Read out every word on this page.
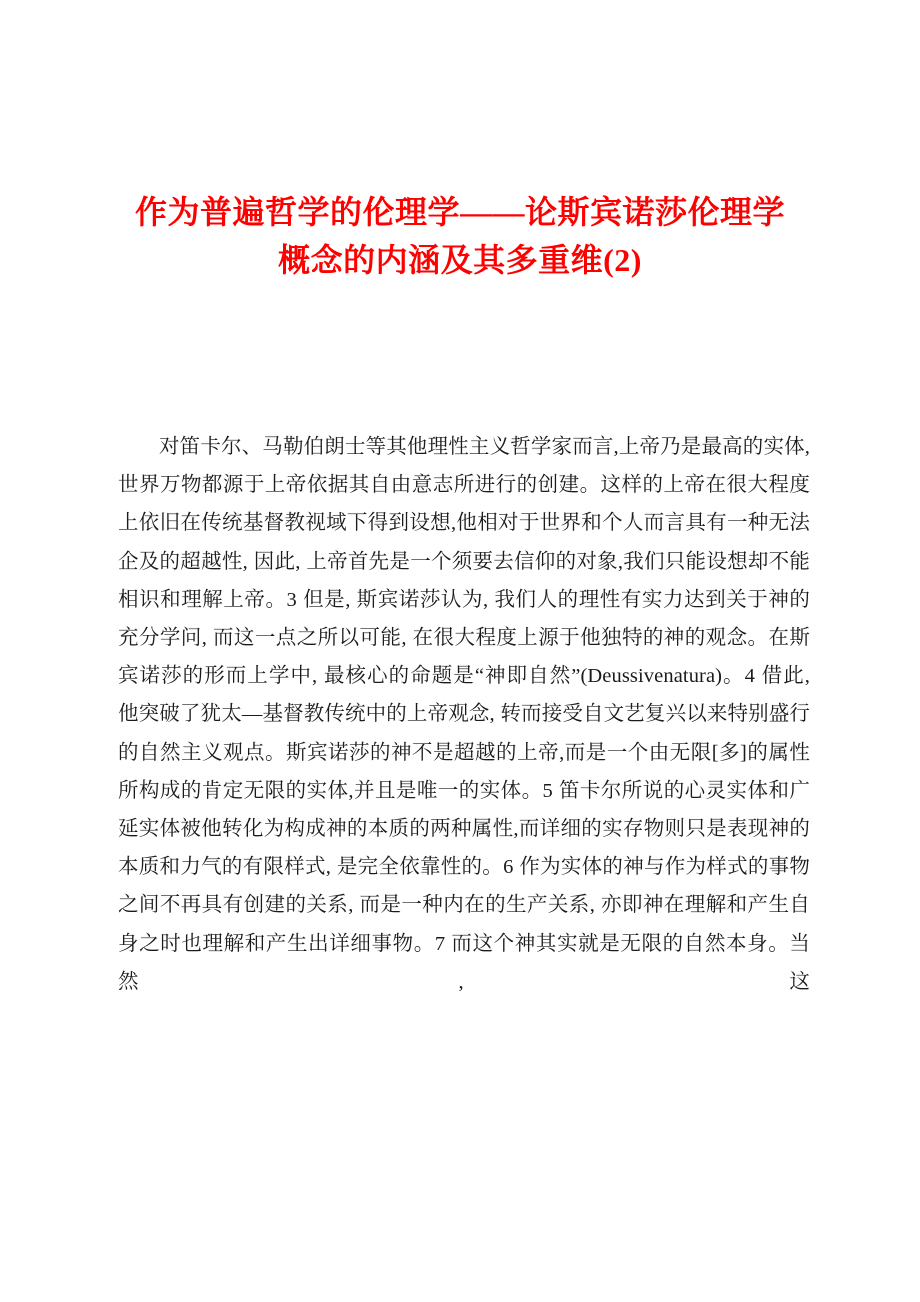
作为普遍哲学的伦理学——论斯宾诺莎伦理学
概念的内涵及其多重维(2)

对笛卡尔、马勒伯朗士等其他理性主义哲学家而言,上帝乃是最高的实体,世界万物都源于上帝依据其自由意志所进行的创建。这样的上帝在很大程度上依旧在传统基督教视域下得到设想,他相对于世界和个人而言具有一种无法企及的超越性, 因此, 上帝首先是一个须要去信仰的对象,我们只能设想却不能相识和理解上帝。3 但是, 斯宾诺莎认为, 我们人的理性有实力达到关于神的充分学问, 而这一点之所以可能, 在很大程度上源于他独特的神的观念。在斯宾诺莎的形而上学中, 最核心的命题是“神即自然”(Deussivenatura)。4 借此, 他突破了犹太—基督教传统中的上帝观念, 转而接受自文艺复兴以来特别盛行的自然主义观点。斯宾诺莎的神不是超越的上帝,而是一个由无限[多]的属性所构成的肯定无限的实体,并且是唯一的实体。5 笛卡尔所说的心灵实体和广延实体被他转化为构成神的本质的两种属性,而详细的实存物则只是表现神的本质和力气的有限样式, 是完全依靠性的。6 作为实体的神与作为样式的事物之间不再具有创建的关系, 而是一种内在的生产关系, 亦即神在理解和产生自身之时也理解和产生出详细事物。7 而这个神其实就是无限的自然本身。当然, 这
